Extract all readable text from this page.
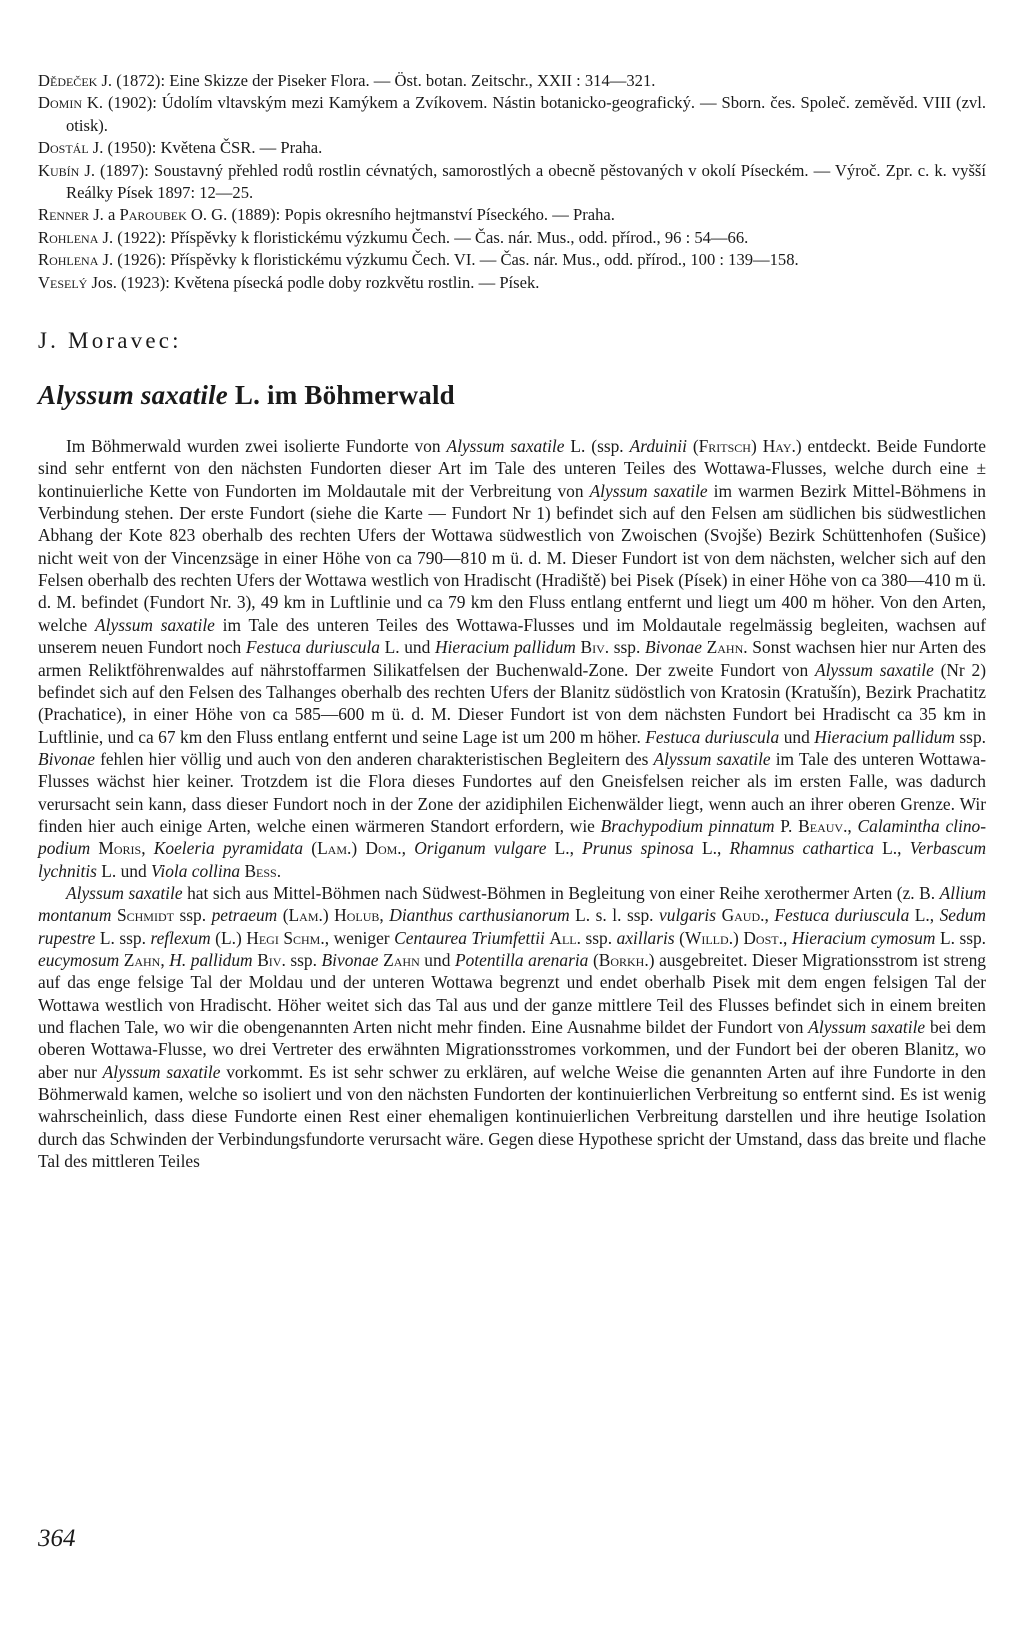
Dědeček J. (1872): Eine Skizze der Piseker Flora. — Öst. botan. Zeitschr., XXII : 314—321.
Domin K. (1902): Údolím vltavským mezi Kamýkem a Zvíkovem. Nástin botanicko-geografický. — Sborn. čes. Společ. zeměvěd. VIII (zvl. otisk).
Dostál J. (1950): Květena ČSR. — Praha.
Kubín J. (1897): Soustavný přehled rodů rostlin cévnatých, samorostlých a obecně pěstovaných v okolí Píseckém. — Výroč. Zpr. c. k. vyšší Reálky Písek 1897: 12—25.
Renner J. a Paroubek O. G. (1889): Popis okresního hejtmanství Píseckého. — Praha.
Rohlena J. (1922): Příspěvky k floristickému výzkumu Čech. — Čas. nár. Mus., odd. přírod., 96 : 54—66.
Rohlena J. (1926): Příspěvky k floristickému výzkumu Čech. VI. — Čas. nár. Mus., odd. přírod., 100 : 139—158.
Veselý Jos. (1923): Květena písecká podle doby rozkvětu rostlin. — Písek.
J. Moravec:
Alyssum saxatile L. im Böhmerwald

Im Böhmerwald wurden zwei isolierte Fundorte von Alyssum saxatile L. (ssp. Arduinii (Fritsch) Hay.) entdeckt. Beide Fundorte sind sehr entfernt von den nächsten Fundorten dieser Art im Tale des unteren Teiles des Wottawa-Flusses, welche durch eine ± kontinuierliche Kette von Fundorten im Moldautale mit der Verbreitung von Alyssum saxatile im warmen Bezirk Mittel-Böhmens in Verbindung stehen. Der erste Fundort (siehe die Karte — Fundort Nr 1) befindet sich auf den Felsen am südlichen bis südwestlichen Abhang der Kote 823 oberhalb des rechten Ufers der Wottawa südwestlich von Zwoischen (Svojše) Bezirk Schüttenhofen (Sušice) nicht weit von der Vincenzsäge in einer Höhe von ca 790—810 m ü. d. M. Dieser Fundort ist von dem nächsten, welcher sich auf den Felsen oberhalb des rechten Ufers der Wottawa westlich von Hradischt (Hradiště) bei Pisek (Písek) in einer Höhe von ca 380—410 m ü. d. M. befindet (Fundort Nr. 3), 49 km in Luftlinie und ca 79 km den Fluss entlang entfernt und liegt um 400 m höher. Von den Arten, welche Alyssum saxatile im Tale des unteren Teiles des Wottawa-Flusses und im Moldautale regelmässig begleiten, wachsen auf unserem neuen Fundort noch Festuca duriuscula L. und Hieracium pallidum Biv. ssp. Bivonae Zahn. Sonst wachsen hier nur Arten des armen Reliktföhrenwaldes auf nährstoffarmen Silikatfelsen der Buchenwald-Zone. Der zweite Fundort von Alyssum saxatile (Nr 2) befindet sich auf den Felsen des Talhanges oberhalb des rechten Ufers der Blanitz südöstlich von Kratosin (Kratušín), Bezirk Prachatitz (Prachatice), in einer Höhe von ca 585—600 m ü. d. M. Dieser Fundort ist von dem nächsten Fundort bei Hradischt ca 35 km in Luftlinie, und ca 67 km den Fluss entlang entfernt und seine Lage ist um 200 m höher. Festuca duriuscula und Hieracium pallidum ssp. Bivonae fehlen hier völlig und auch von den anderen charakteristischen Begleitern des Alyssum saxatile im Tale des unteren Wottawa-Flusses wächst hier keiner. Trotzdem ist die Flora dieses Fundortes auf den Gneisfelsen reicher als im ersten Falle, was dadurch verursacht sein kann, dass dieser Fundort noch in der Zone der azidiphilen Eichenwälder liegt, wenn auch an ihrer oberen Grenze. Wir finden hier auch einige Arten, welche einen wärmeren Standort erfordern, wie Brachypodium pinnatum P. Beauv., Calamintha clinopodium Moris, Koeleria pyramidata (Lam.) Dom., Origanum vulgare L., Prunus spinosa L., Rhamnus cathartica L., Verbascum lychnitis L. und Viola collina Bess.

Alyssum saxatile hat sich aus Mittel-Böhmen nach Südwest-Böhmen in Begleitung von einer Reihe xerothermer Arten (z. B. Allium montanum Schmidt ssp. petraeum (Lam.) Holub, Dianthus carthusianorum L. s. l. ssp. vulgaris Gaud., Festuca duriuscula L., Sedum rupestre L. ssp. reflexum (L.) Hegi Schm., weniger Centaurea Triumfettii All. ssp. axillaris (Willd.) Dost., Hieracium cymosum L. ssp. eucymosum Zahn, H. pallidum Biv. ssp. Bivonae Zahn und Potentilla arenaria (Borkh.) ausgebreitet. Dieser Migrationsstrom ist streng auf das enge felsige Tal der Moldau und der unteren Wottawa begrenzt und endet oberhalb Pisek mit dem engen felsigen Tal der Wottawa westlich von Hradischt. Höher weitet sich das Tal aus und der ganze mittlere Teil des Flusses befindet sich in einem breiten und flachen Tale, wo wir die obengenannten Arten nicht mehr finden. Eine Ausnahme bildet der Fundort von Alyssum saxatile bei dem oberen Wottawa-Flusse, wo drei Vertreter des erwähnten Migrationsstromes vorkommen, und der Fundort bei der oberen Blanitz, wo aber nur Alyssum saxatile vorkommt. Es ist sehr schwer zu erklären, auf welche Weise die genannten Arten auf ihre Fundorte in den Böhmerwald kamen, welche so isoliert und von den nächsten Fundorten der kontinuierlichen Verbreitung so entfernt sind. Es ist wenig wahrscheinlich, dass diese Fundorte einen Rest einer ehemaligen kontinuierlichen Verbreitung darstellen und ihre heutige Isolation durch das Schwinden der Verbindungsfundorte verursacht wäre. Gegen diese Hypothese spricht der Umstand, dass das breite und flache Tal des mittleren Teiles

364
